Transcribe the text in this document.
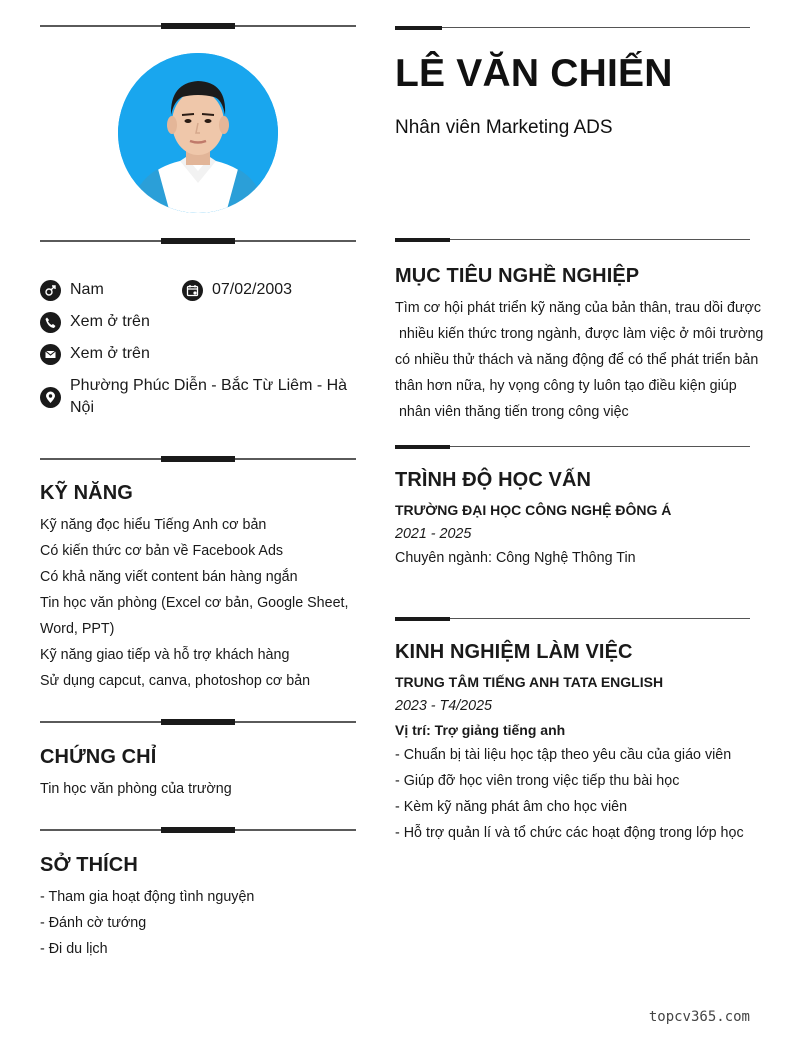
Nam	07/02/2003
Xem ở trên
Xem ở trên
Phường Phúc Diễn - Bắc Từ Liêm - Hà Nội
KỸ NĂNG
Kỹ năng đọc hiểu Tiếng Anh cơ bản
Có kiến thức cơ bản về Facebook Ads
Có khả năng viết content bán hàng ngắn
Tin học văn phòng (Excel cơ bản, Google Sheet,
Word, PPT)
Kỹ năng giao tiếp và hỗ trợ khách hàng
Sử dụng capcut, canva, photoshop cơ bản
CHỨNG CHỈ
Tin học văn phòng của trường
SỞ THÍCH
- Tham gia hoạt động tình nguyện
- Đánh cờ tướng
- Đi du lịch
LÊ VĂN CHIẾN
Nhân viên Marketing ADS
MỤC TIÊU NGHỀ NGHIỆP
Tìm cơ hội phát triển kỹ năng của bản thân, trau dồi được
nhiều kiến thức trong ngành, được làm việc ở môi trường
có nhiều thử thách và năng động để có thể phát triển bản
thân hơn nữa, hy vọng công ty luôn tạo điều kiện giúp
nhân viên thăng tiến trong công việc
TRÌNH ĐỘ HỌC VẤN
TRƯỜNG ĐẠI HỌC CÔNG NGHỆ ĐÔNG Á
2021 - 2025
Chuyên ngành: Công Nghệ Thông Tin
KINH NGHIỆM LÀM VIỆC
TRUNG TÂM TIẾNG ANH TATA ENGLISH
2023 - T4/2025
Vị trí: Trợ giảng tiếng anh
- Chuẩn bị tài liệu học tập theo yêu cầu của giáo viên
- Giúp đỡ học viên trong việc tiếp thu bài học
- Kèm kỹ năng phát âm cho học viên
- Hỗ trợ quản lí và tổ chức các hoạt động trong lớp học
topcv365.com
